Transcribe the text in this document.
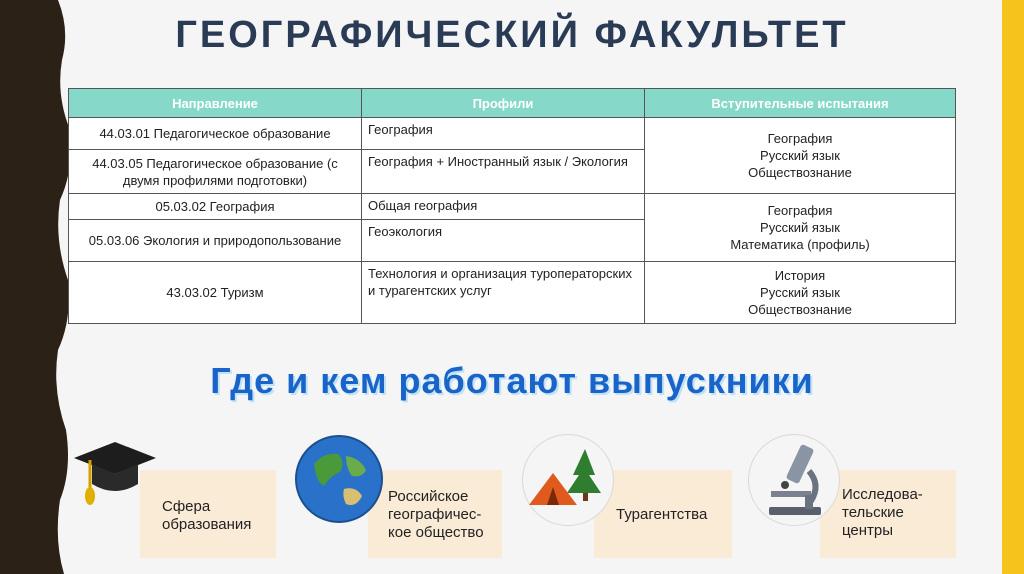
ГЕОГРАФИЧЕСКИЙ ФАКУЛЬТЕТ
Направление	Профили	Вступительные испытания
44.03.01 Педагогическое образование	География	География
Русский язык
Обществознание

44.03.05 Педагогическое образование (с двумя профилями подготовки)	География + Иностранный язык / Экология	
05.03.02 География	Общая география	География
Русский язык
Математика (профиль)

05.03.06 Экология и природопользование	Геоэкология	
43.03.02 Туризм	Технология и организация туроператорских и турагентских услуг	История
Русский язык
Обществознание
Где и кем работают выпускники
Сфера образования
Российское географичес-кое общество
Турагентства
Исследова-тельские центры
